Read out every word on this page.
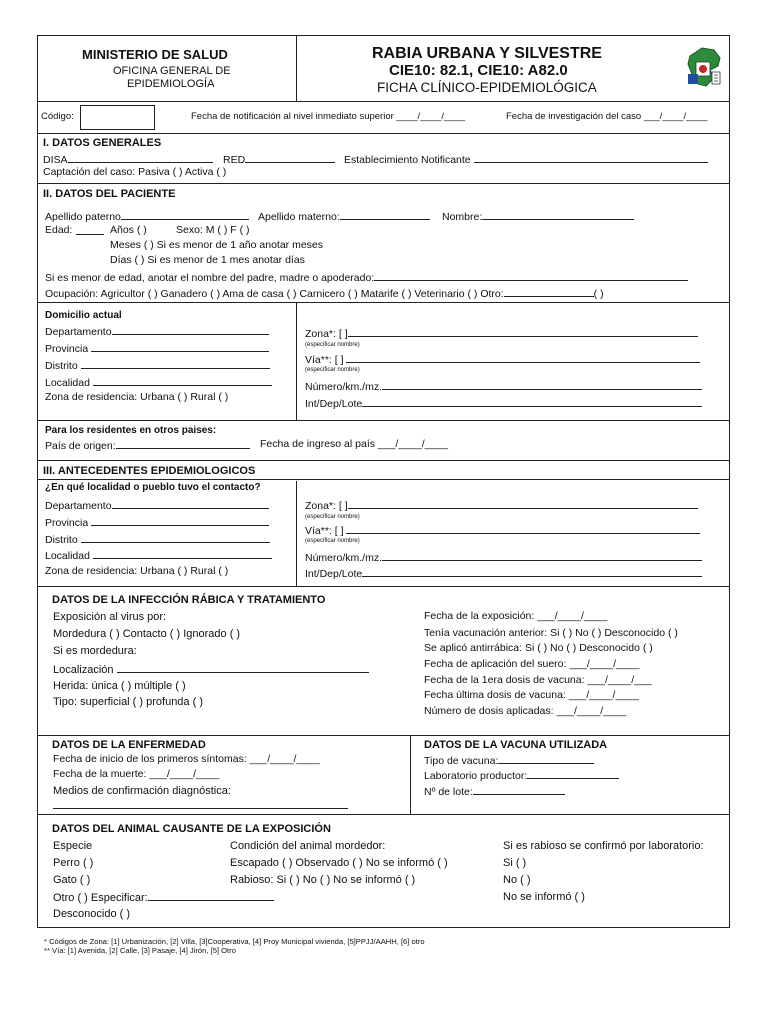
MINISTERIO DE SALUD
OFICINA GENERAL DE
EPIDEMIOLOGÍA
RABIA URBANA Y SILVESTRE
CIE10: 82.1, CIE10: A82.0
FICHA CLÍNICO-EPIDEMIOLÓGICA
Código:	Fecha de notificación al nivel inmediato superior ____/____/____	Fecha de investigación del caso ___/____/____
I. DATOS GENERALES
DISA	RED	Establecimiento Notificante
Captación del caso: Pasiva ( ) Activa ( )
II. DATOS DEL PACIENTE
Apellido paterno	Apellido materno:	Nombre:
Edad:	Años ( )	Sexo: M ( ) F ( )
Meses ( ) Si es menor de 1 año anotar meses
Días ( ) Si es menor de 1 mes anotar días
Si es menor de edad, anotar el nombre del padre, madre o apoderado:
Ocupación: Agricultor ( ) Ganadero ( ) Ama de casa ( ) Carnicero ( ) Matarife ( ) Veterinario ( ) Otro:	( )
Domicilio actual
Departamento
Provincia
Distrito
Localidad
Zona de residencia: Urbana ( ) Rural ( )
Zona*: [ ]
(especificar nombre)
Vía**: [ ]
(especificar nombre)
Número/km./mz.
Int/Dep/Lote
Para los residentes en otros paises:
País de origen:	Fecha de ingreso al país ___/____/____
III. ANTECEDENTES EPIDEMIOLOGICOS
¿En qué localidad o pueblo tuvo el contacto?
Departamento
Provincia
Distrito
Localidad
Zona de residencia: Urbana ( ) Rural ( )
Zona*: [ ]
(especificar nombre)
Vía**: [ ]
(especificar nombre)
Número/km./mz.
Int/Dep/Lote
DATOS DE LA INFECCIÓN RÁBICA Y TRATAMIENTO
Exposición al virus por:
Mordedura ( ) Contacto ( ) Ignorado ( )
Si es mordedura:
Localización
Herida: única ( ) múltiple ( )
Tipo: superficial ( ) profunda ( )
Fecha de la exposición: ___/____/____
Tenía vacunación anterior: Si ( ) No ( ) Desconocido ( )
Se aplicó antirrábica: Si ( ) No ( ) Desconocido ( )
Fecha de aplicación del suero: ___/____/____
Fecha de la 1era dosis de vacuna: ___/____/___
Fecha última dosis de vacuna: ___/____/____
Número de dosis aplicadas: ___/____/____
DATOS DE LA ENFERMEDAD
Fecha de inicio de los primeros síntomas: ___/____/____
Fecha de la muerte: ___/____/____
Medios de confirmación diagnóstica:
DATOS DE LA VACUNA UTILIZADA
Tipo de vacuna:
Laboratorio productor:
Nº de lote:
DATOS DEL ANIMAL CAUSANTE DE LA EXPOSICIÓN
Especie
Perro ( )
Gato ( )
Otro ( ) Especificar:
Desconocido ( )
Condición del animal mordedor:
Escapado ( ) Observado ( ) No se informó ( )
Rabioso: Si ( ) No ( ) No se informó ( )
Si es rabioso se confirmó por laboratorio:
Si ( )
No ( )
No se informó ( )
* Códigos de Zona: [1] Urbanización, [2] Villa, [3]Cooperativa, [4] Proy Municipal vivienda, [5]PPJJ/AAHH, [6] otro
** Vía: [1] Avenida, [2] Calle, [3] Pasaje, [4] Jirón, [5] Otro
